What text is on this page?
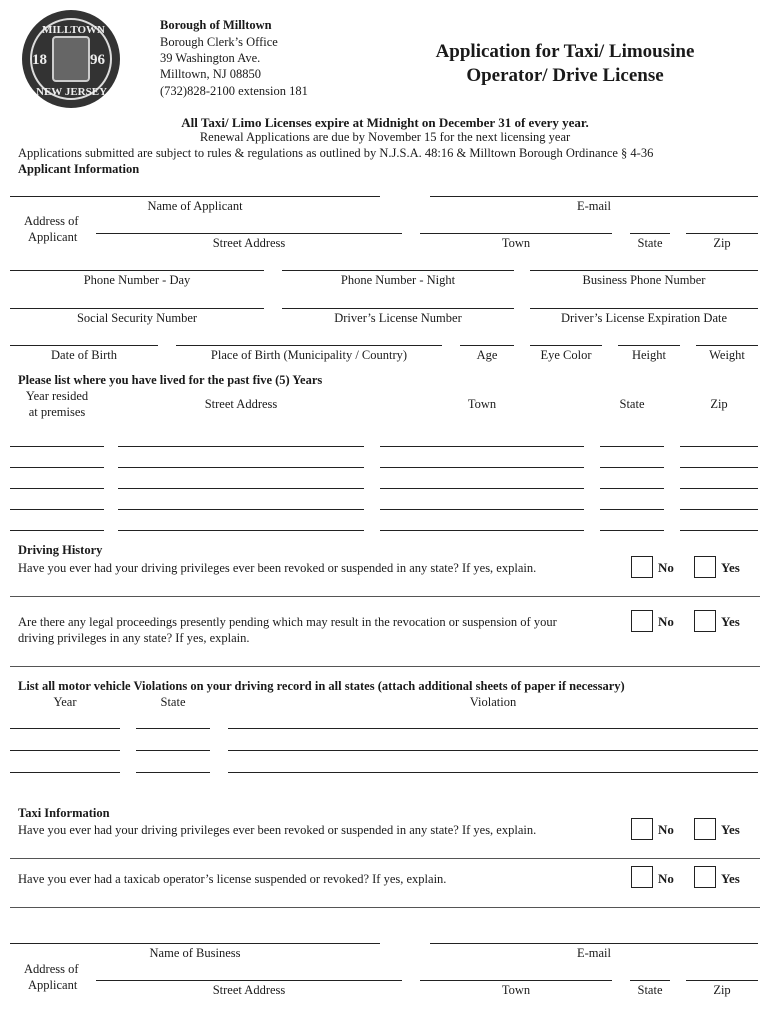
MILLTOWN
NEW JERSEY
18	96
Borough of Milltown
Borough Clerk’s Office
39 Washington Ave.
Milltown, NJ 08850
(732)828-2100 extension 181
Application for Taxi/ Limousine
Operator/ Drive License
All Taxi/ Limo Licenses expire at Midnight on December 31 of every year.
Renewal Applications are due by November 15 for the next licensing year
Applications submitted are subject to rules & regulations as outlined by N.J.S.A. 48:16 & Milltown Borough Ordinance § 4-36
Applicant Information
Name of Applicant	E-mail
Address of
Applicant	Street Address	Town	State	Zip
Phone Number - Day	Phone Number - Night	Business Phone Number
Social Security Number	Driver’s License Number	Driver’s License Expiration Date
Date of Birth	Place of Birth (Municipality / Country)	Age	Eye Color	Height	Weight
Please list where you have lived for the past five (5) Years
Year resided
at premises
Street Address	Town	State	Zip
Driving History
Have you ever had your driving privileges ever been revoked or suspended in any state? If yes, explain.	No	Yes
Are there any legal proceedings presently pending which may result in the revocation or suspension of your
driving privileges in any state? If yes, explain.
No	Yes
List all motor vehicle Violations on your driving record in all states (attach additional sheets of paper if necessary)
Year	State	Violation
Taxi Information
Have you ever had your driving privileges ever been revoked or suspended in any state? If yes, explain.	No	Yes
Have you ever had a taxicab operator’s license suspended or revoked? If yes, explain.	No	Yes
Name of Business	E-mail
Address of
Applicant	Street Address	Town	State	Zip
